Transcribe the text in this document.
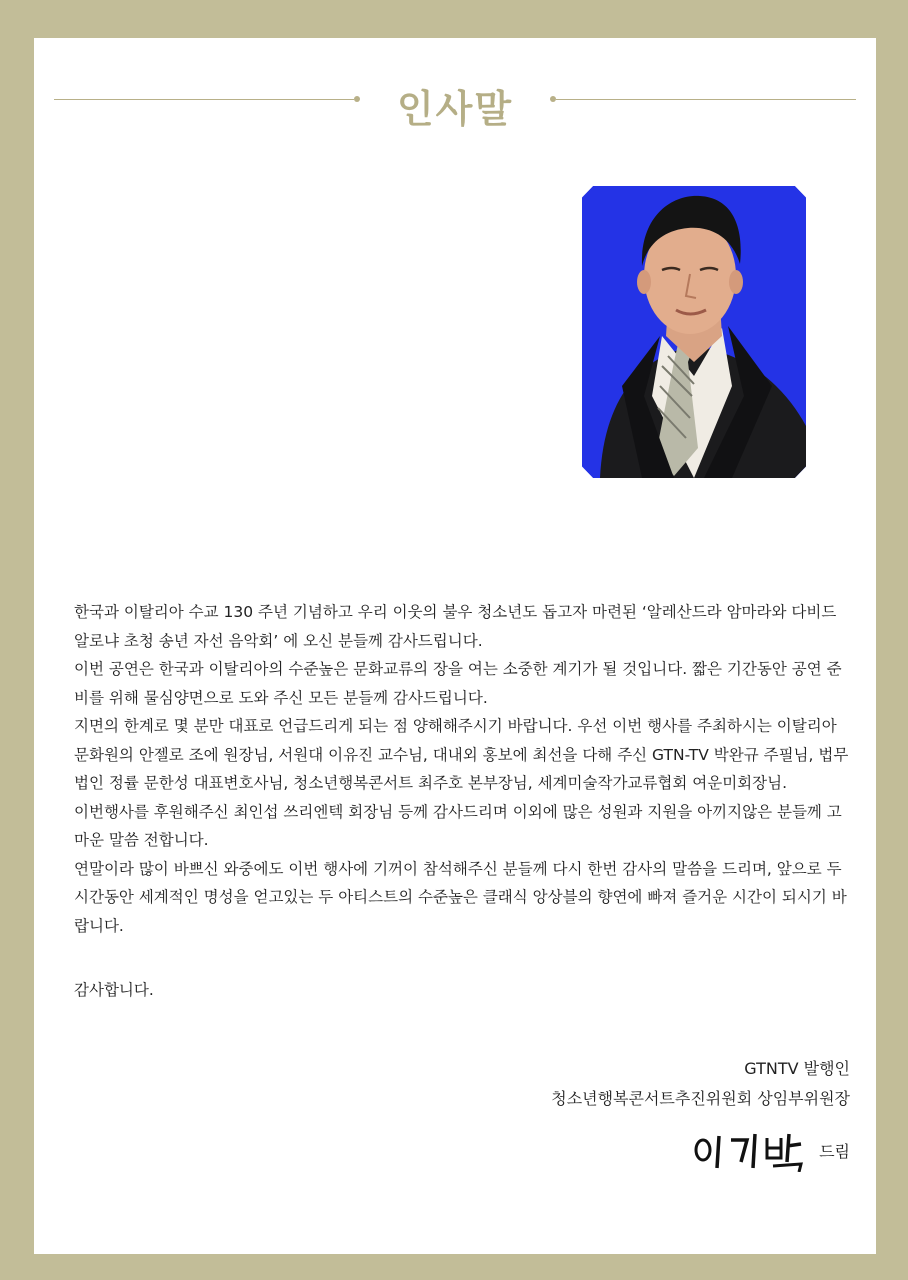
인사말

한국과 이탈리아 수교 130 주년 기념하고 우리 이웃의 불우 청소년도 돕고자 마련된 ‘알레산드라 암마라와 다비드 알로냐 초청 송년 자선 음악회’ 에 오신 분들께 감사드립니다.

이번 공연은 한국과 이탈리아의 수준높은 문화교류의 장을 여는 소중한 계기가 될 것입니다. 짧은 기간동안 공연 준비를 위해 물심양면으로 도와 주신 모든 분들께 감사드립니다.

지면의 한계로 몇 분만 대표로 언급드리게 되는 점 양해해주시기 바랍니다. 우선 이번 행사를 주최하시는 이탈리아 문화원의 안젤로 조에 원장님, 서원대 이유진 교수님, 대내외 홍보에 최선을 다해 주신 GTN-TV 박완규 주필님, 법무법인 정률 문한성 대표변호사님, 청소년행복콘서트 최주호 본부장님, 세계미술작가교류협회 여운미회장님.

이번행사를 후원해주신 최인섭 쓰리엔텍 회장님 등께 감사드리며 이외에 많은 성원과 지원을 아끼지않은 분들께 고마운 말씀 전합니다.

연말이라 많이 바쁘신 와중에도 이번 행사에 기꺼이 참석해주신 분들께 다시 한번 감사의 말씀을 드리며, 앞으로 두 시간동안 세계적인 명성을 얻고있는 두 아티스트의 수준높은 클래식 앙상블의 향연에 빠져 즐거운 시간이 되시기 바랍니다.

감사합니다.
GTNTV 발행인
청소년행복콘서트추진위원회 상임부위원장
드림
